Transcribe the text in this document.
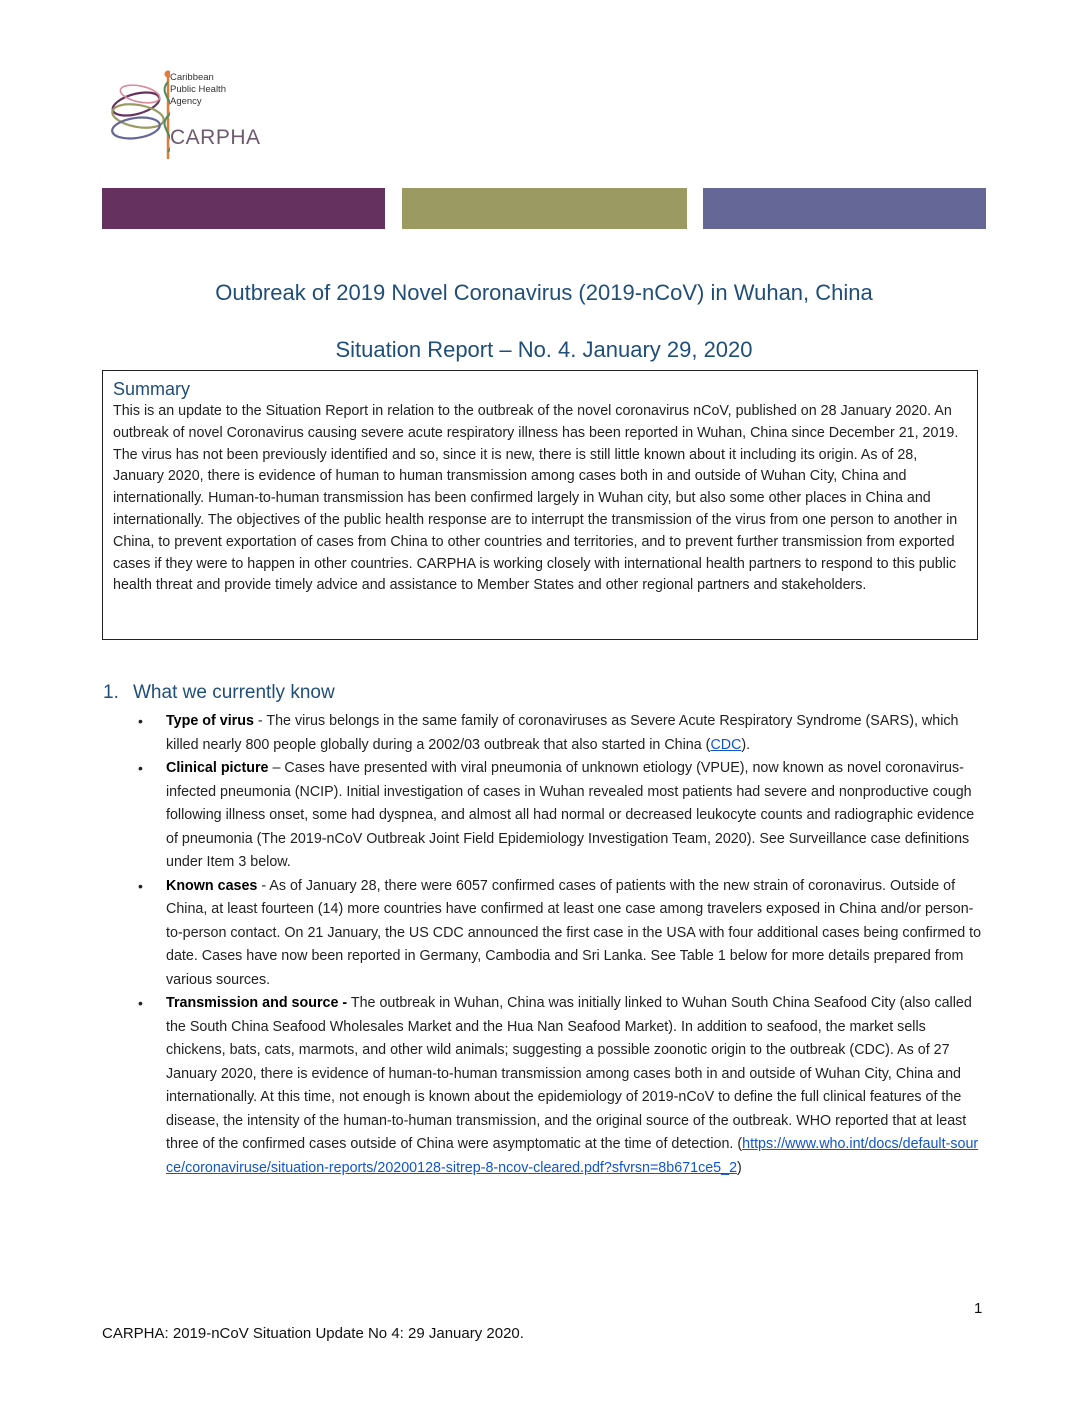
Caribbean
Public Health
Agency
CARPHA
Outbreak of 2019 Novel Coronavirus (2019-nCoV) in Wuhan, China
Situation Report – No. 4. January 29, 2020
Summary

This is an update to the Situation Report in relation to the outbreak of the novel coronavirus nCoV, published on 28 January 2020. An outbreak of novel Coronavirus causing severe acute respiratory illness has been reported in Wuhan, China since December 21, 2019. The virus has not been previously identified and so, since it is new, there is still little known about it including its origin. As of 28, January 2020, there is evidence of human to human transmission among cases both in and outside of Wuhan City, China and internationally. Human-to-human transmission has been confirmed largely in Wuhan city, but also some other places in China and internationally. The objectives of the public health response are to interrupt the transmission of the virus from one person to another in China, to prevent exportation of cases from China to other countries and territories, and to prevent further transmission from exported cases if they were to happen in other countries. CARPHA is working closely with international health partners to respond to this public health threat and provide timely advice and assistance to Member States and other regional partners and stakeholders.

1. What we currently know
• Type of virus - The virus belongs in the same family of coronaviruses as Severe Acute Respiratory Syndrome (SARS), which killed nearly 800 people globally during a 2002/03 outbreak that also started in China (CDC).
• Clinical picture – Cases have presented with viral pneumonia of unknown etiology (VPUE), now known as novel coronavirus-infected pneumonia (NCIP). Initial investigation of cases in Wuhan revealed most patients had severe and nonproductive cough following illness onset, some had dyspnea, and almost all had normal or decreased leukocyte counts and radiographic evidence of pneumonia (The 2019-nCoV Outbreak Joint Field Epidemiology Investigation Team, 2020). See Surveillance case definitions under Item 3 below.
• Known cases - As of January 28, there were 6057 confirmed cases of patients with the new strain of coronavirus. Outside of China, at least fourteen (14) more countries have confirmed at least one case among travelers exposed in China and/or person-to-person contact. On 21 January, the US CDC announced the first case in the USA with four additional cases being confirmed to date. Cases have now been reported in Germany, Cambodia and Sri Lanka. See Table 1 below for more details prepared from various sources.
• Transmission and source - The outbreak in Wuhan, China was initially linked to Wuhan South China Seafood City (also called the South China Seafood Wholesales Market and the Hua Nan Seafood Market). In addition to seafood, the market sells chickens, bats, cats, marmots, and other wild animals; suggesting a possible zoonotic origin to the outbreak (CDC). As of 27 January 2020, there is evidence of human-to-human transmission among cases both in and outside of Wuhan City, China and internationally. At this time, not enough is known about the epidemiology of 2019-nCoV to define the full clinical features of the disease, the intensity of the human-to-human transmission, and the original source of the outbreak. WHO reported that at least three of the confirmed cases outside of China were asymptomatic at the time of detection. (https://www.who.int/docs/default-source/coronaviruse/situation-reports/20200128-sitrep-8-ncov-cleared.pdf?sfvrsn=8b671ce5_2)
1
CARPHA: 2019-nCoV Situation Update No 4: 29 January 2020.
